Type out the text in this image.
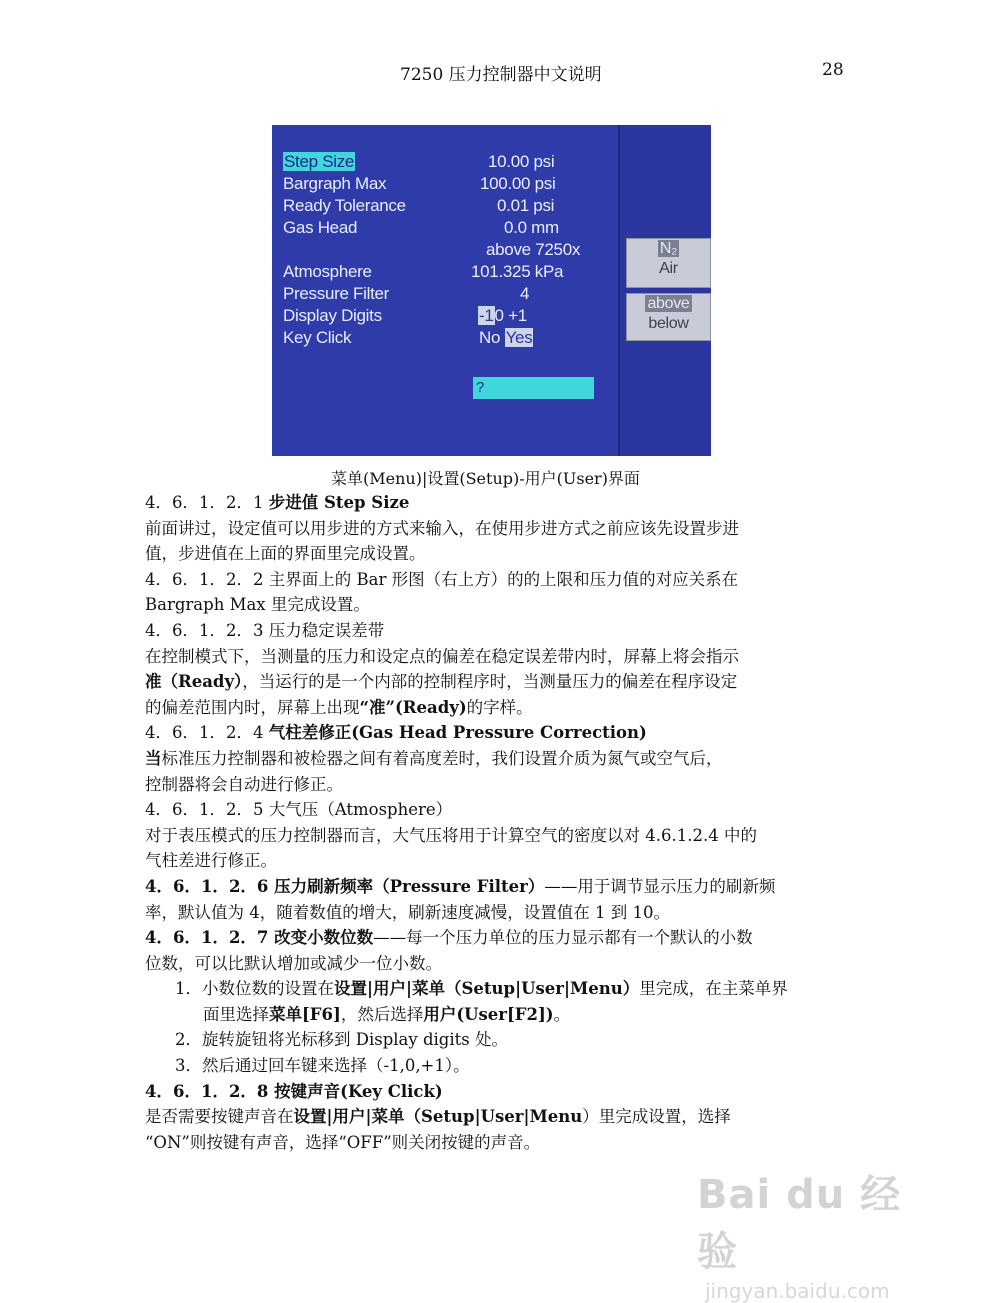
7250 压力控制器中文说明	28
Step Size	10.00 psi
Bargraph Max	100.00 psi
Ready Tolerance	0.01 psi
Gas Head	0.0 mm
above 7250x
Atmosphere	101.325 kPa
Pressure Filter	4
Display Digits	-10 +1
Key Click	No Yes
?
N₂
Air
above
below
菜单(Menu)|设置(Setup)-用户(User)界面

4．6．1．2．1 步进值 Step Size

前面讲过，设定值可以用步进的方式来输入，在使用步进方式之前应该先设置步进

值，步进值在上面的界面里完成设置。

4．6．1．2．2 主界面上的 Bar 形图（右上方）的的上限和压力值的对应关系在

Bargraph Max 里完成设置。

4．6．1．2．3 压力稳定误差带

在控制模式下，当测量的压力和设定点的偏差在稳定误差带内时，屏幕上将会指示

准（Ready），当运行的是一个内部的控制程序时，当测量压力的偏差在程序设定

的偏差范围内时，屏幕上出现“准”(Ready)的字样。

4．6．1．2．4 气柱差修正(Gas Head Pressure Correction)

当标准压力控制器和被检器之间有着高度差时，我们设置介质为氮气或空气后，

控制器将会自动进行修正。

4．6．1．2．5 大气压（Atmosphere）

对于表压模式的压力控制器而言，大气压将用于计算空气的密度以对 4.6.1.2.4 中的

气柱差进行修正。

4．6．1．2．6 压力刷新频率（Pressure Filter）——用于调节显示压力的刷新频

率，默认值为 4，随着数值的增大，刷新速度减慢，设置值在 1 到 10。

4．6．1．2．7 改变小数位数——每一个压力单位的压力显示都有一个默认的小数

位数，可以比默认增加或减少一位小数。

1．小数位数的设置在设置|用户|菜单（Setup|User|Menu）里完成，在主菜单界

面里选择菜单[F6]，然后选择用户(User[F2])。

2．旋转旋钮将光标移到 Display digits 处。

3．然后通过回车键来选择（-1,0,+1）。

4．6．1．2．8 按键声音(Key Click)

是否需要按键声音在设置|用户|菜单（Setup|User|Menu）里完成设置，选择

“ON”则按键有声音，选择“OFF”则关闭按键的声音。

Bai du 经验
jingyan.baidu.com
